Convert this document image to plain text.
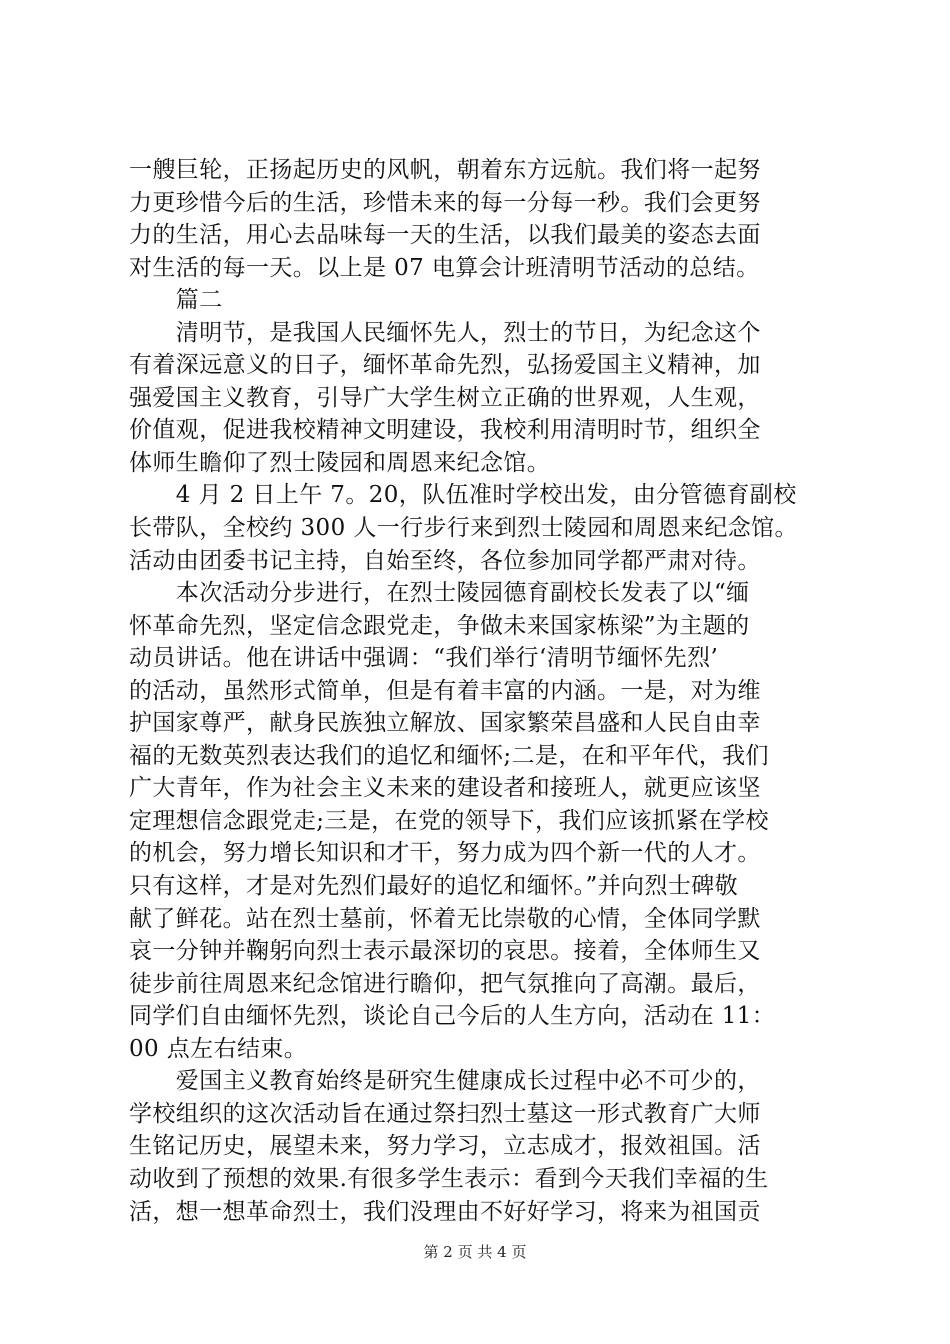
一艘巨轮，正扬起历史的风帆，朝着东方远航。我们将一起努
力更珍惜今后的生活，珍惜未来的每一分每一秒。我们会更努
力的生活，用心去品味每一天的生活，以我们最美的姿态去面
对生活的每一天。以上是 07 电算会计班清明节活动的总结。
　　篇二
　　清明节，是我国人民缅怀先人，烈士的节日，为纪念这个
有着深远意义的日子，缅怀革命先烈，弘扬爱国主义精神，加
强爱国主义教育，引导广大学生树立正确的世界观，人生观，
价值观，促进我校精神文明建设，我校利用清明时节，组织全
体师生瞻仰了烈士陵园和周恩来纪念馆。
　　4 月 2 日上午 7。20，队伍准时学校出发，由分管德育副校
长带队，全校约 300 人一行步行来到烈士陵园和周恩来纪念馆。
活动由团委书记主持，自始至终，各位参加同学都严肃对待。
　　本次活动分步进行，在烈士陵园德育副校长发表了以“缅
怀革命先烈，坚定信念跟党走，争做未来国家栋梁”为主题的
动员讲话。他在讲话中强调：“我们举行‘清明节缅怀先烈’
的活动，虽然形式简单，但是有着丰富的内涵。一是，对为维
护国家尊严，献身民族独立解放、国家繁荣昌盛和人民自由幸
福的无数英烈表达我们的追忆和缅怀;二是，在和平年代，我们
广大青年，作为社会主义未来的建设者和接班人，就更应该坚
定理想信念跟党走;三是，在党的领导下，我们应该抓紧在学校
的机会，努力增长知识和才干，努力成为四个新一代的人才。
只有这样，才是对先烈们最好的追忆和缅怀。”并向烈士碑敬
献了鲜花。站在烈士墓前，怀着无比崇敬的心情，全体同学默
哀一分钟并鞠躬向烈士表示最深切的哀思。接着，全体师生又
徒步前往周恩来纪念馆进行瞻仰，把气氛推向了高潮。最后，
同学们自由缅怀先烈，谈论自己今后的人生方向，活动在 11：
00 点左右结束。
　　爱国主义教育始终是研究生健康成长过程中必不可少的，
学校组织的这次活动旨在通过祭扫烈士墓这一形式教育广大师
生铭记历史，展望未来，努力学习，立志成才，报效祖国。活
动收到了预想的效果.有很多学生表示：看到今天我们幸福的生
活，想一想革命烈士，我们没理由不好好学习，将来为祖国贡
第 2 页 共 4 页
